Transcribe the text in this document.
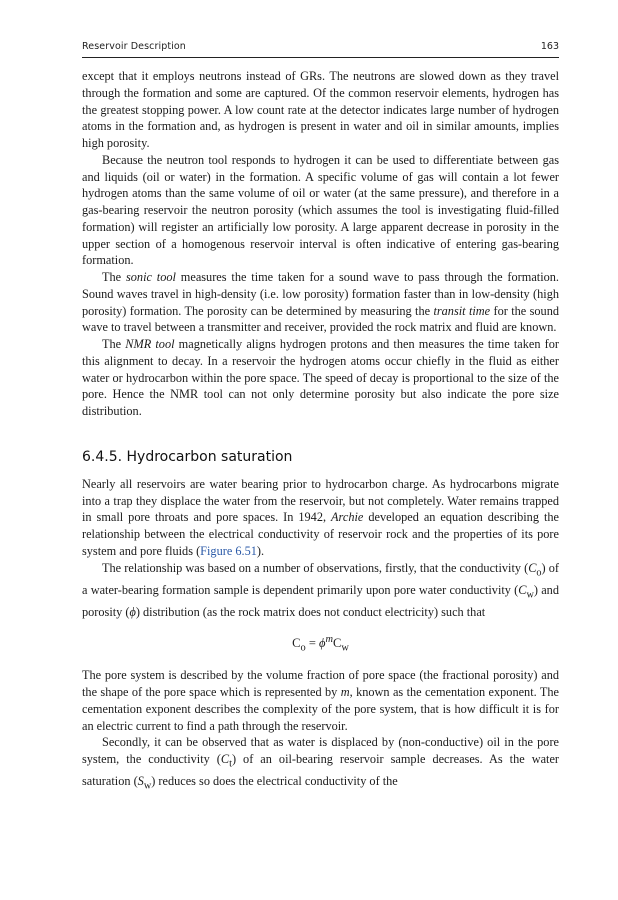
Reservoir Description	163

except that it employs neutrons instead of GRs. The neutrons are slowed down as they travel through the formation and some are captured. Of the common reservoir elements, hydrogen has the greatest stopping power. A low count rate at the detector indicates large number of hydrogen atoms in the formation and, as hydrogen is present in water and oil in similar amounts, implies high porosity.

Because the neutron tool responds to hydrogen it can be used to differentiate between gas and liquids (oil or water) in the formation. A specific volume of gas will contain a lot fewer hydrogen atoms than the same volume of oil or water (at the same pressure), and therefore in a gas-bearing reservoir the neutron porosity (which assumes the tool is investigating fluid-filled formation) will register an artificially low porosity. A large apparent decrease in porosity in the upper section of a homogenous reservoir interval is often indicative of entering gas-bearing formation.

The sonic tool measures the time taken for a sound wave to pass through the formation. Sound waves travel in high-density (i.e. low porosity) formation faster than in low-density (high porosity) formation. The porosity can be determined by measuring the transit time for the sound wave to travel between a transmitter and receiver, provided the rock matrix and fluid are known.

The NMR tool magnetically aligns hydrogen protons and then measures the time taken for this alignment to decay. In a reservoir the hydrogen atoms occur chiefly in the fluid as either water or hydrocarbon within the pore space. The speed of decay is proportional to the size of the pore. Hence the NMR tool can not only determine porosity but also indicate the pore size distribution.

6.4.5. Hydrocarbon saturation

Nearly all reservoirs are water bearing prior to hydrocarbon charge. As hydrocarbons migrate into a trap they displace the water from the reservoir, but not completely. Water remains trapped in small pore throats and pore spaces. In 1942, Archie developed an equation describing the relationship between the electrical conductivity of reservoir rock and the properties of its pore system and pore fluids (Figure 6.51).

The relationship was based on a number of observations, firstly, that the conductivity $(C_o)$ of a water-bearing formation sample is dependent primarily upon pore water conductivity $(C_w)$ and porosity (ϕ) distribution (as the rock matrix does not conduct electricity) such that

$C_o = \phi^mC_w$

The pore system is described by the volume fraction of pore space (the fractional porosity) and the shape of the pore space which is represented by m, known as the cementation exponent. The cementation exponent describes the complexity of the pore system, that is how difficult it is for an electric current to find a path through the reservoir.

Secondly, it can be observed that as water is displaced by (non-conductive) oil in the pore system, the conductivity $(C_t)$ of an oil-bearing reservoir sample decreases. As the water saturation $(S_w)$ reduces so does the electrical conductivity of the
